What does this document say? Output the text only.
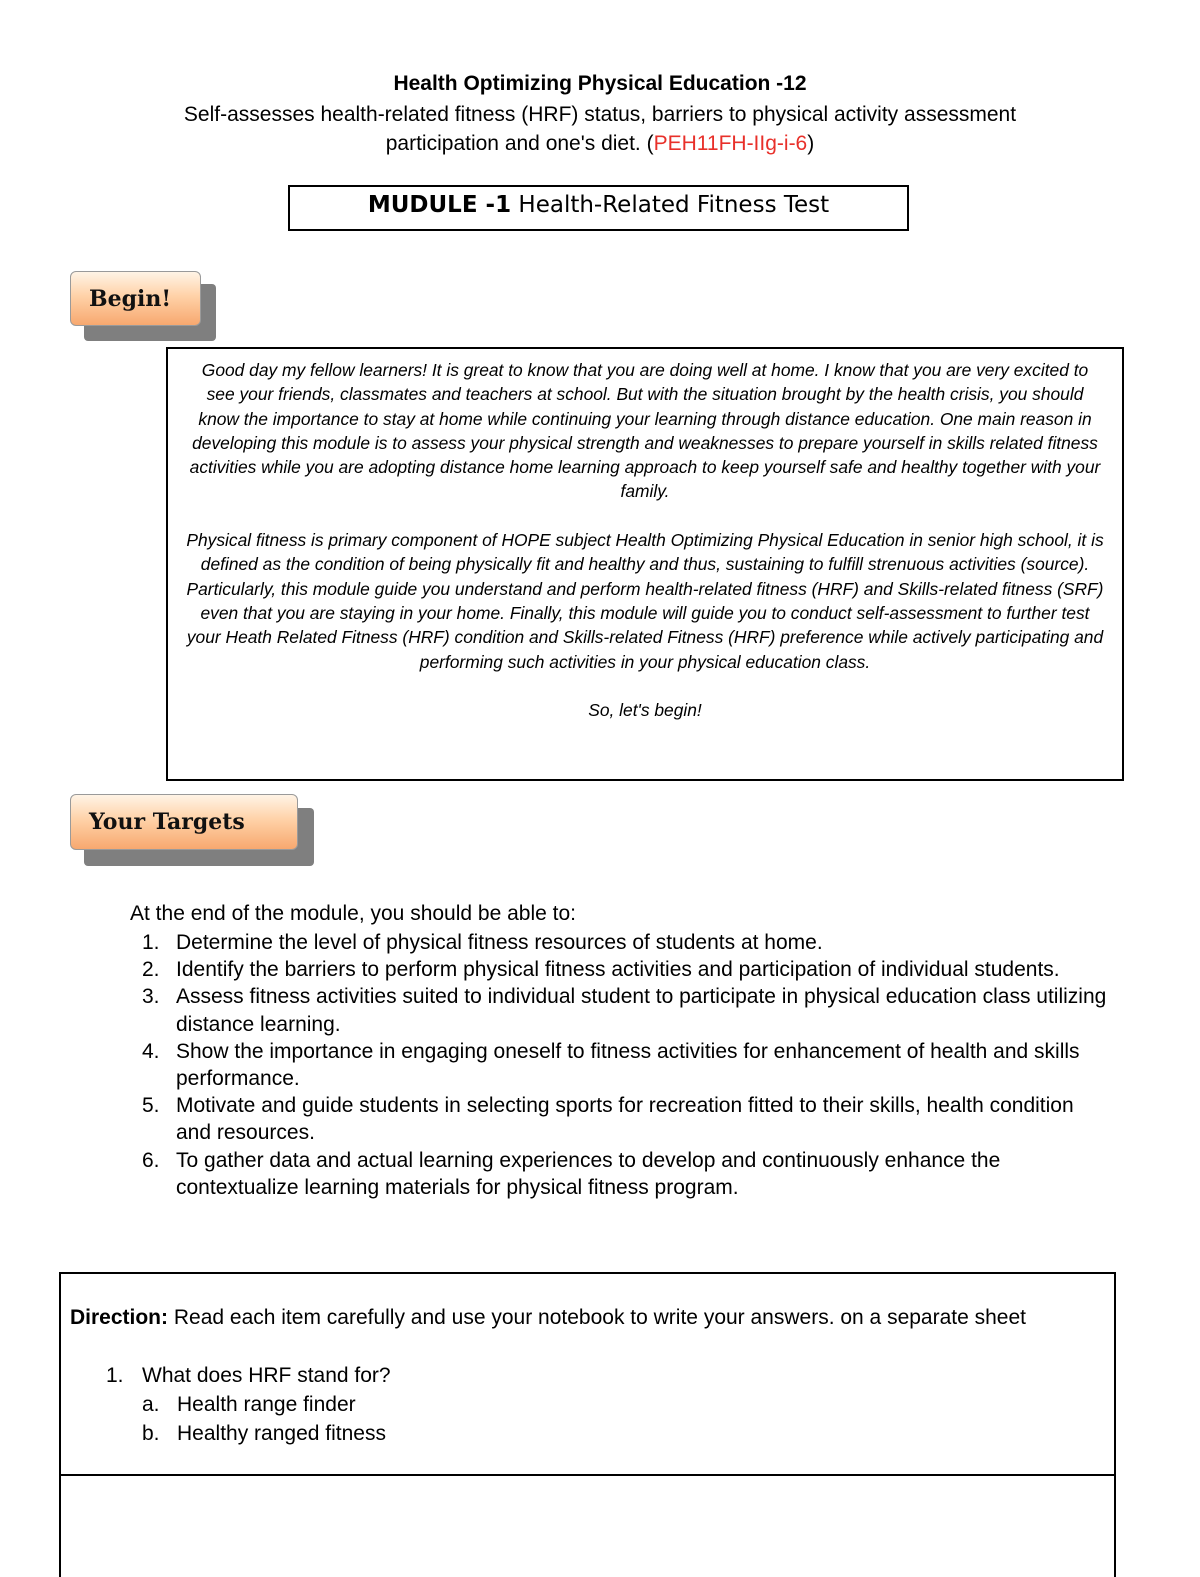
Health Optimizing Physical Education -12
Self-assesses health-related fitness (HRF) status, barriers to physical activity assessment
participation and one's diet. (PEH11FH-IIg-i-6)
MUDULE -1 Health-Related Fitness Test
Begin!

Good day my fellow learners! It is great to know that you are doing well at home. I know that you are very excited to see your friends, classmates and teachers at school. But with the situation brought by the health crisis, you should know the importance to stay at home while continuing your learning through distance education. One main reason in developing this module is to assess your physical strength and weaknesses to prepare yourself in skills related fitness activities while you are adopting distance home learning approach to keep yourself safe and healthy together with your family.

Physical fitness is primary component of HOPE subject Health Optimizing Physical Education in senior high school, it is defined as the condition of being physically fit and healthy and thus, sustaining to fulfill strenuous activities (source). Particularly, this module guide you understand and perform health-related fitness (HRF) and Skills-related fitness (SRF) even that you are staying in your home. Finally, this module will guide you to conduct self-assessment to further test your Heath Related Fitness (HRF) condition and Skills-related Fitness (HRF) preference while actively participating and performing such activities in your physical education class.

So, let's begin!

Your Targets
At the end of the module, you should be able to:
1. Determine the level of physical fitness resources of students at home.
2. Identify the barriers to perform physical fitness activities and participation of individual students.
3. Assess fitness activities suited to individual student to participate in physical education class utilizing distance learning.
4. Show the importance in engaging oneself to fitness activities for enhancement of health and skills performance.
5. Motivate and guide students in selecting sports for recreation fitted to their skills, health condition and resources.
6. To gather data and actual learning experiences to develop and continuously enhance the contextualize learning materials for physical fitness program.
Direction: Read each item carefully and use your notebook to write your answers. on a separate sheet
1. What does HRF stand for?
a. Health range finder
b. Healthy ranged fitness
